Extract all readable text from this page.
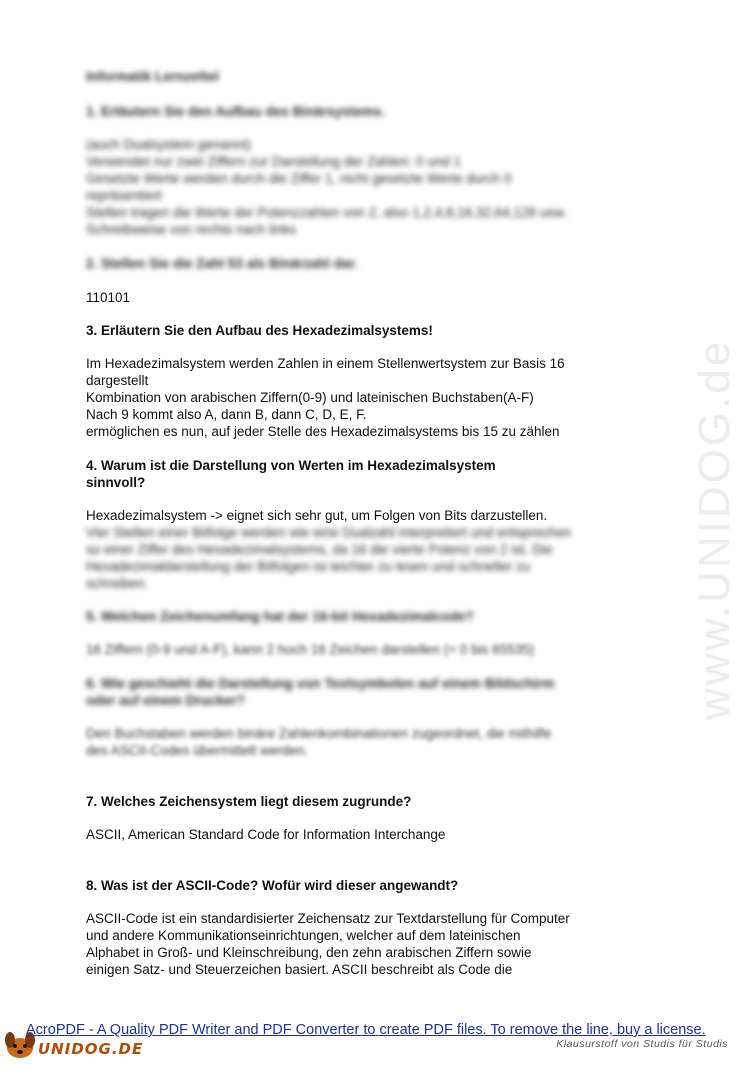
www.UNIDOG.de
Informatik Lernzettel
1. Erläutern Sie den Aufbau des Binärsystems.
(auch Dualsystem genannt)
Verwendet nur zwei Ziffern zur Darstellung der Zahlen: 0 und 1
Gesetzte Werte werden durch die Ziffer 1, nicht gesetzte Werte durch 0
repräsentiert
Stellen tragen die Werte der Potenzzahlen von 2, also 1,2,4,8,16,32,64,128 usw.
Schreibweise von rechts nach links
2. Stellen Sie die Zahl 53 als Binärzahl dar.
110101
3. Erläutern Sie den Aufbau des Hexadezimalsystems!
Im Hexadezimalsystem werden Zahlen in einem Stellenwertsystem zur Basis 16
dargestellt
Kombination von arabischen Ziffern(0-9) und lateinischen Buchstaben(A-F)
Nach 9 kommt also A, dann B, dann C, D, E, F.
ermöglichen es nun, auf jeder Stelle des Hexadezimalsystems bis 15 zu zählen
4. Warum ist die Darstellung von Werten im Hexadezimalsystem
sinnvoll?
Hexadezimalsystem -> eignet sich sehr gut, um Folgen von Bits darzustellen.
Vier Stellen einer Bitfolge werden wie eine Dualzahl interpretiert und entsprechen
so einer Ziffer des Hexadezimalsystems, da 16 die vierte Potenz von 2 ist. Die
Hexadezimaldarstellung der Bitfolgen ist leichter zu lesen und schneller zu
schreiben.
5. Welchen Zeichenumfang hat der 16-bit Hexadezimalcode?
16 Ziffern (0-9 und A-F), kann 2 hoch 16 Zeichen darstellen (= 0 bis 65535)
6. Wie geschieht die Darstellung von Textsymbolen auf einem Bildschirm
oder auf einem Drucker?
Den Buchstaben werden binäre Zahlenkombinationen zugeordnet, die mithilfe
des ASCII-Codes übermittelt werden.
7. Welches Zeichensystem liegt diesem zugrunde?
ASCII, American Standard Code for Information Interchange
8. Was ist der ASCII-Code? Wofür wird dieser angewandt?
ASCII-Code ist ein standardisierter Zeichensatz zur Textdarstellung für Computer
und andere Kommunikationseinrichtungen, welcher auf dem lateinischen
Alphabet in Groß- und Kleinschreibung, den zehn arabischen Ziffern sowie
einigen Satz- und Steuerzeichen basiert. ASCII beschreibt als Code die
UNIDOG.DE
AcroPDF - A Quality PDF Writer and PDF Converter to create PDF files. To remove the line, buy a license.
Klausurstoff von Studis für Studis
